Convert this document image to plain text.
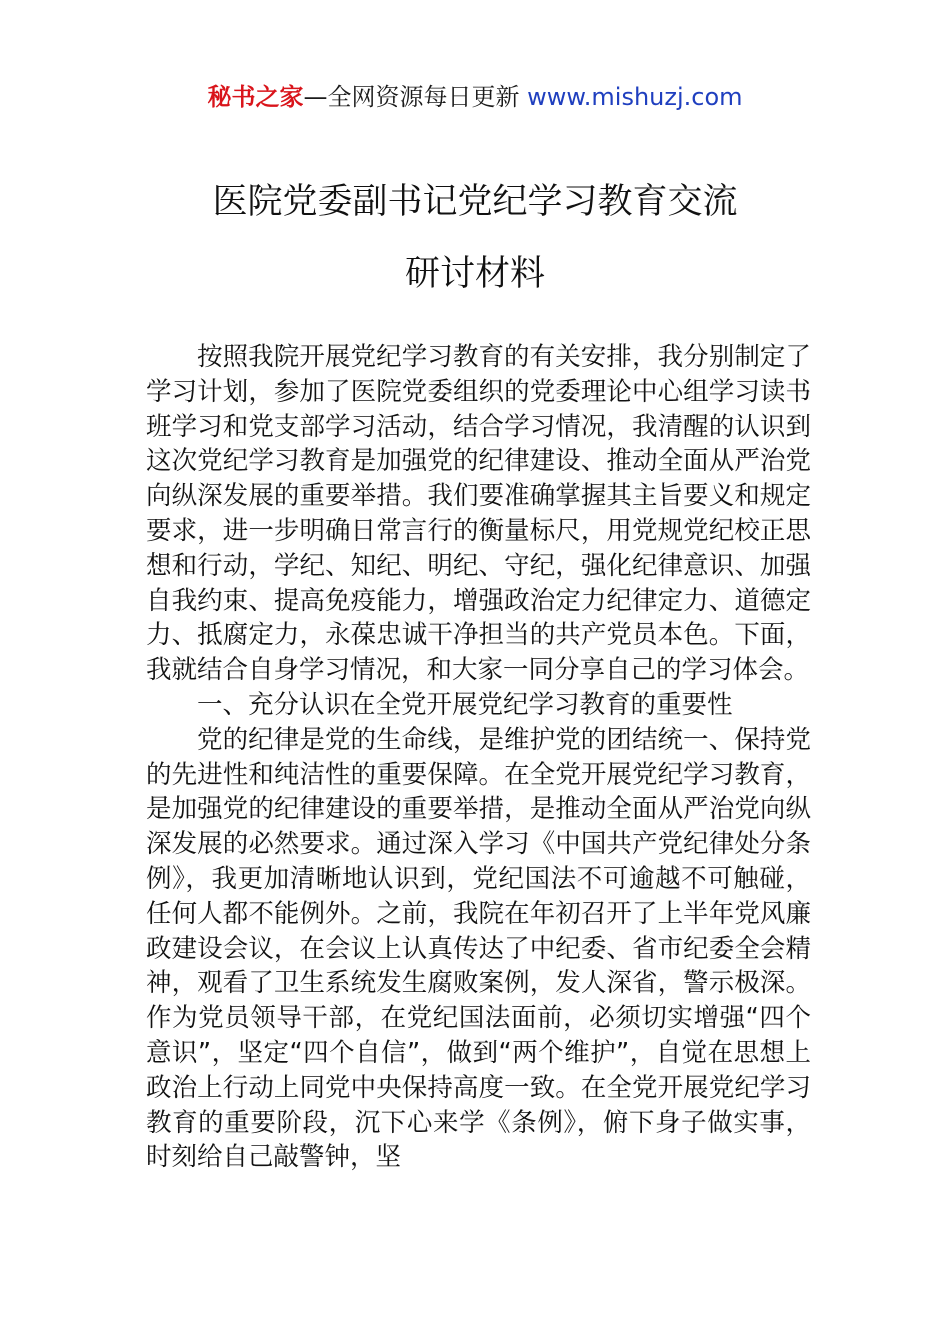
秘书之家—全网资源每日更新 www.mishuzj.com
医院党委副书记党纪学习教育交流
研讨材料

按照我院开展党纪学习教育的有关安排，我分别制定了学习计划，参加了医院党委组织的党委理论中心组学习读书班学习和党支部学习活动，结合学习情况，我清醒的认识到这次党纪学习教育是加强党的纪律建设、推动全面从严治党向纵深发展的重要举措。我们要准确掌握其主旨要义和规定要求，进一步明确日常言行的衡量标尺，用党规党纪校正思想和行动，学纪、知纪、明纪、守纪，强化纪律意识、加强自我约束、提高免疫能力，增强政治定力纪律定力、道德定力、抵腐定力，永葆忠诚干净担当的共产党员本色。下面，我就结合自身学习情况，和大家一同分享自己的学习体会。

一、充分认识在全党开展党纪学习教育的重要性

党的纪律是党的生命线，是维护党的团结统一、保持党的先进性和纯洁性的重要保障。在全党开展党纪学习教育，是加强党的纪律建设的重要举措，是推动全面从严治党向纵深发展的必然要求。通过深入学习《中国共产党纪律处分条例》，我更加清晰地认识到，党纪国法不可逾越不可触碰，任何人都不能例外。之前，我院在年初召开了上半年党风廉政建设会议，在会议上认真传达了中纪委、省市纪委全会精神，观看了卫生系统发生腐败案例，发人深省，警示极深。作为党员领导干部，在党纪国法面前，必须切实增强“四个意识”，坚定“四个自信”，做到“两个维护”，自觉在思想上政治上行动上同党中央保持高度一致。在全党开展党纪学习教育的重要阶段，沉下心来学《条例》，俯下身子做实事，时刻给自己敲警钟，坚
